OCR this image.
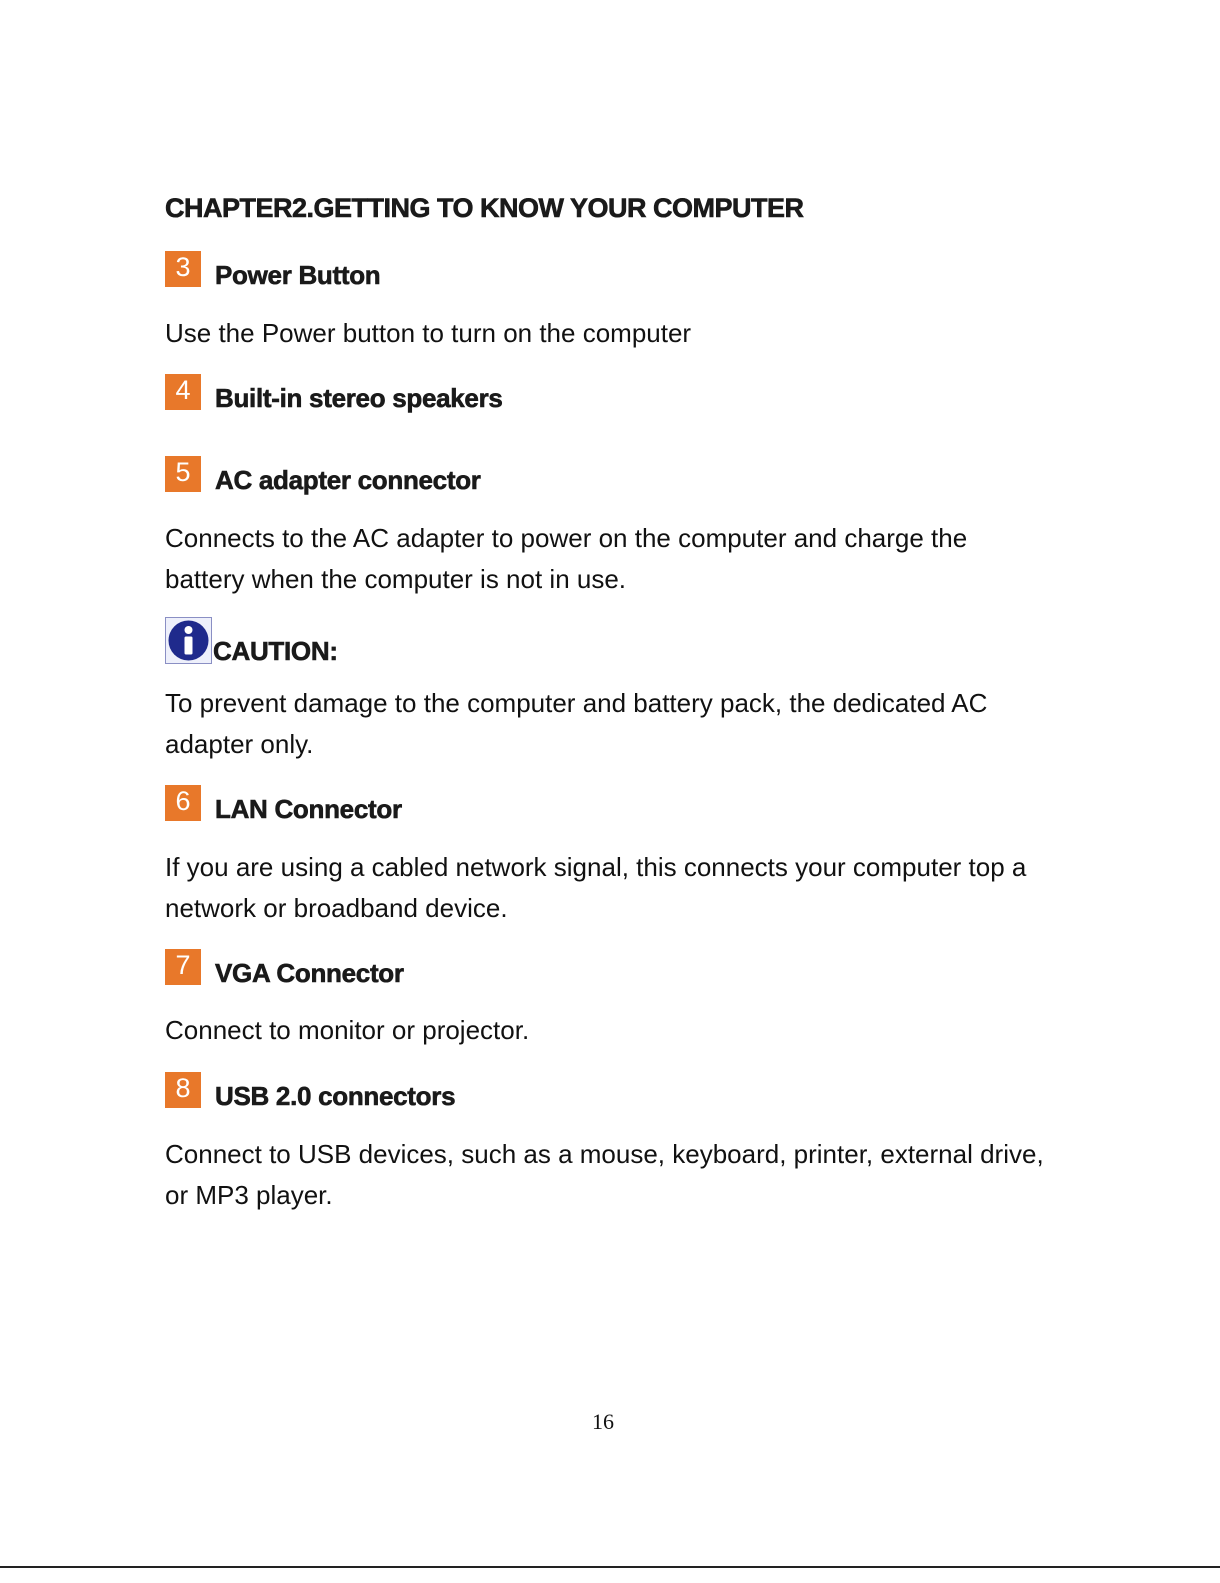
CHAPTER2.GETTING TO KNOW YOUR COMPUTER
3 Power Button

Use the Power button to turn on the computer

4 Built-in stereo speakers
5 AC adapter connector

Connects to the AC adapter to power on the computer and charge the battery when the computer is not in use.

CAUTION:

To prevent damage to the computer and battery pack, the dedicated AC adapter only.

6 LAN Connector

If you are using a cabled network signal, this connects your computer top a network or broadband device.

7 VGA Connector

Connect to monitor or projector.

8 USB 2.0 connectors

Connect to USB devices, such as a mouse, keyboard, printer, external drive, or MP3 player.

16
